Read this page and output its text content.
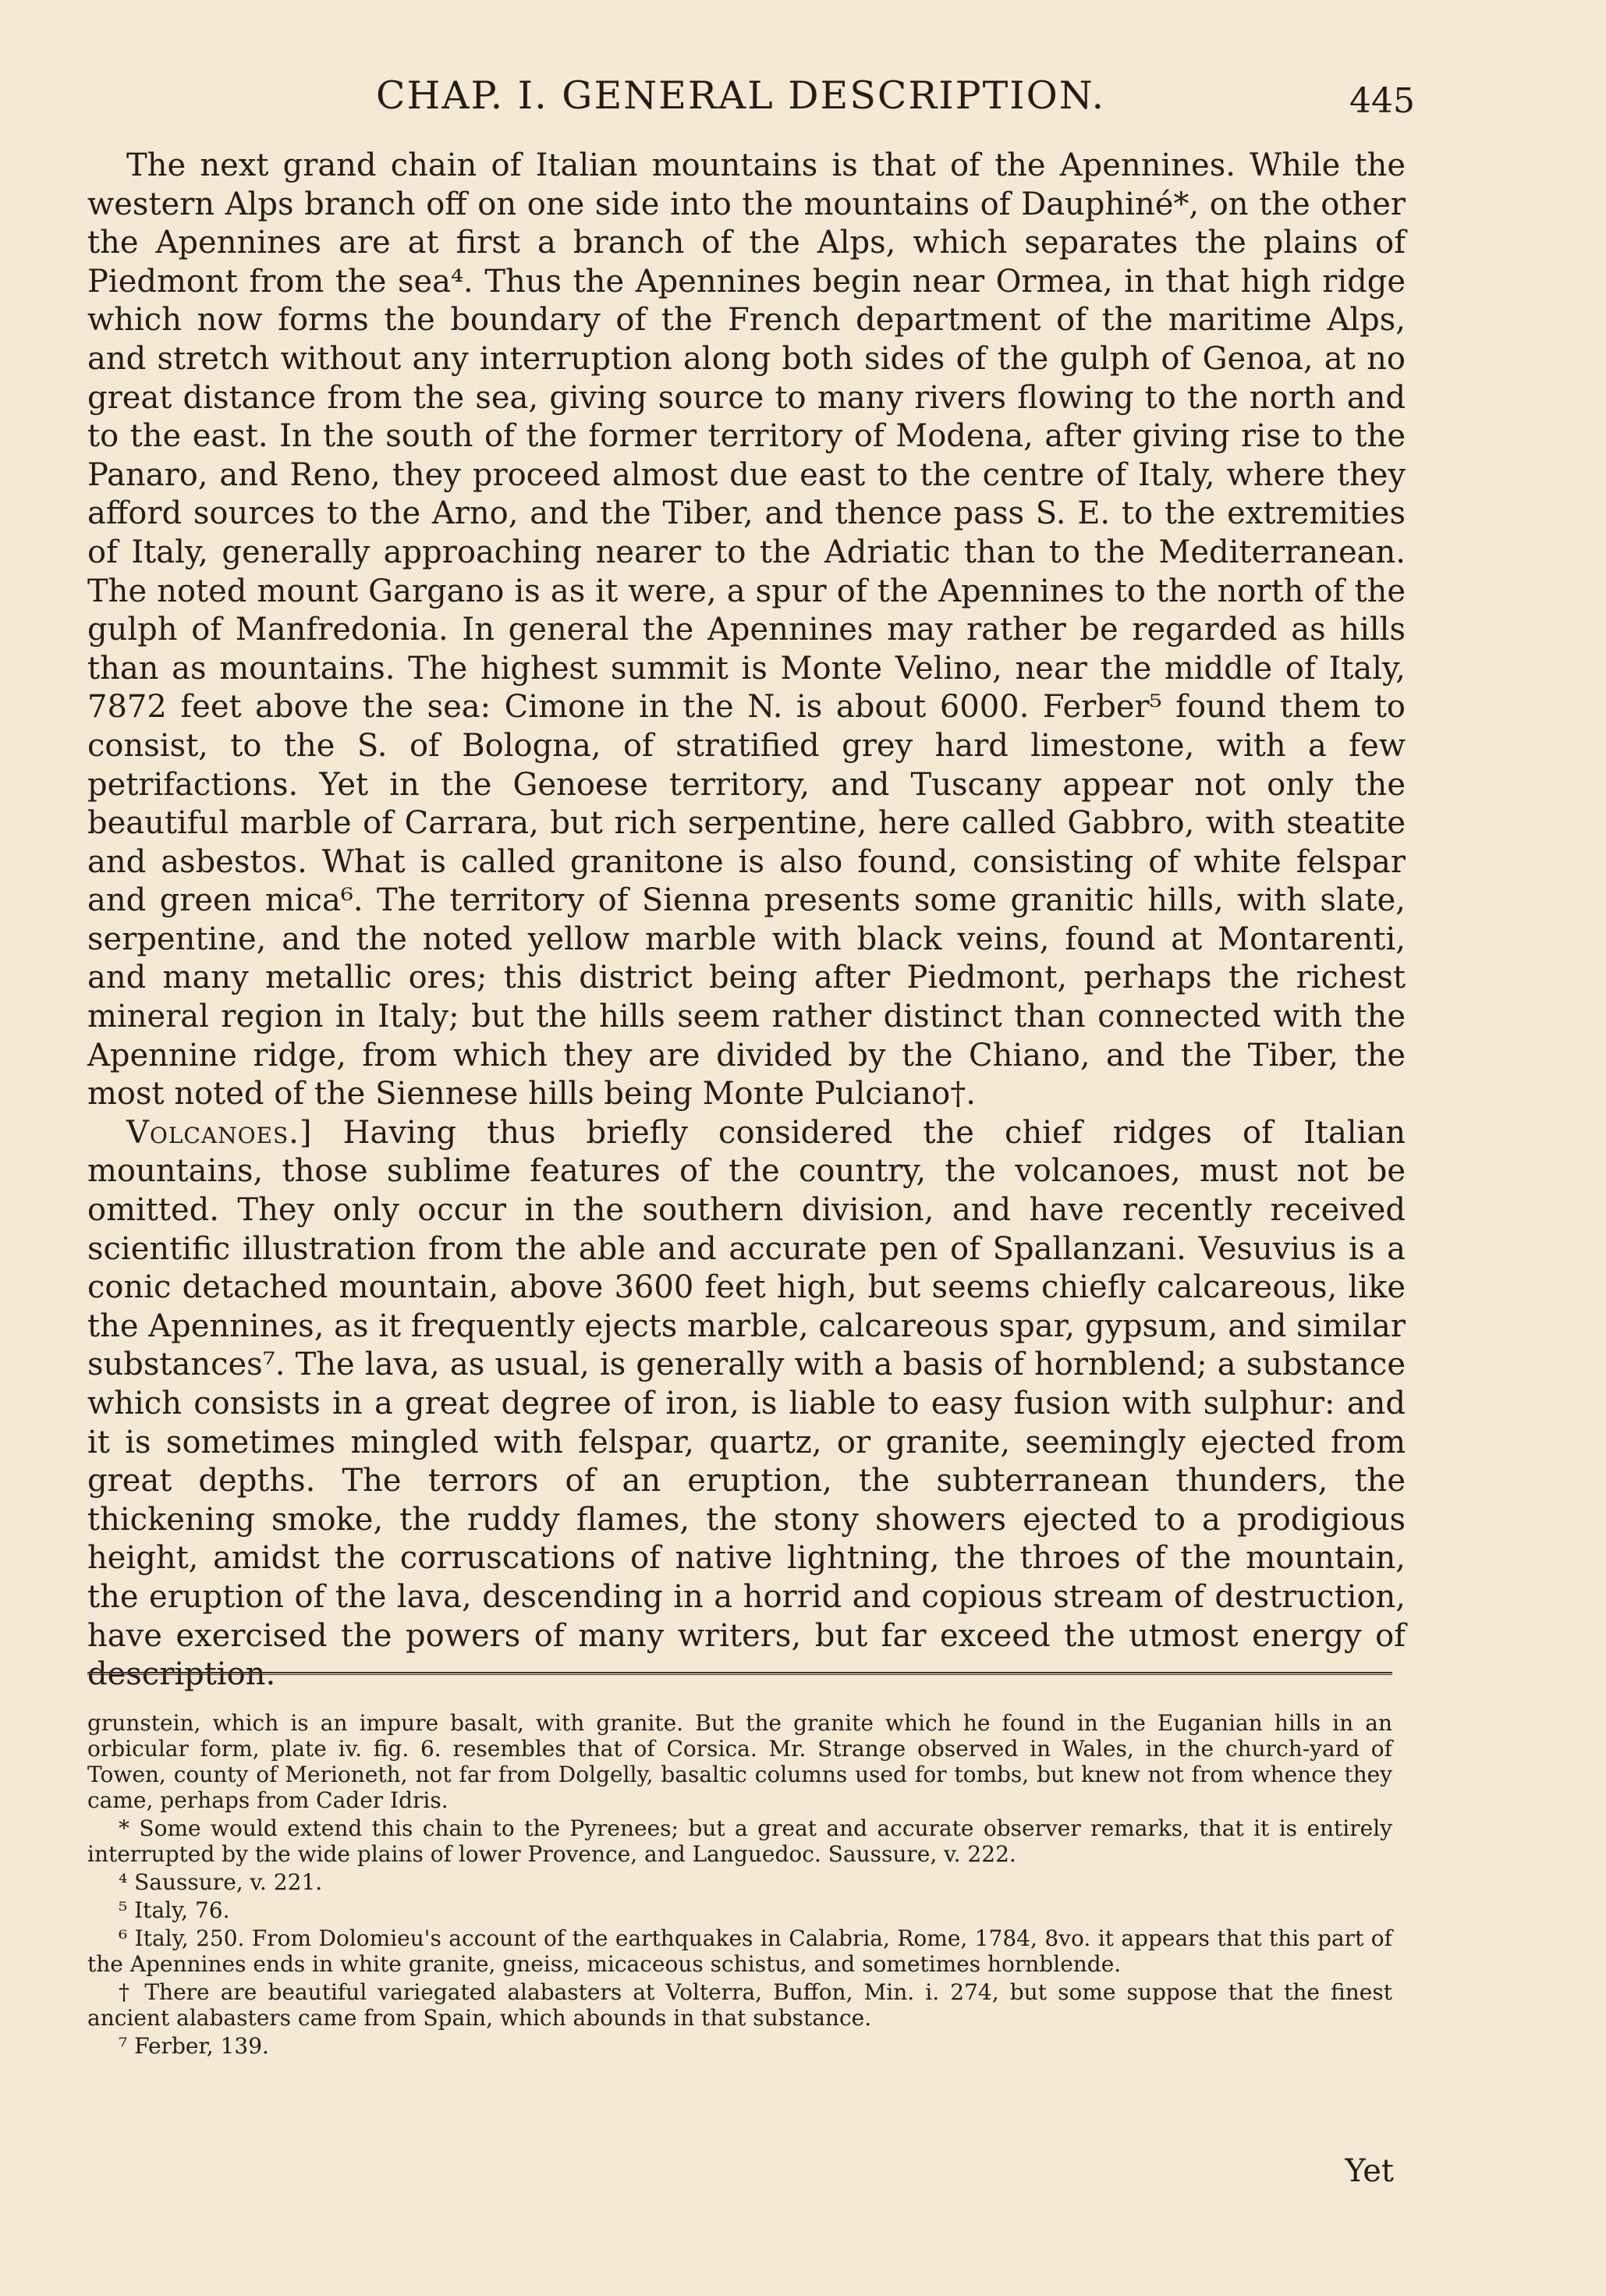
CHAP. I. GENERAL DESCRIPTION.	445

The next grand chain of Italian mountains is that of the Apennines. While the western Alps branch off on one side into the mountains of Dauphiné*, on the other the Apennines are at first a branch of the Alps, which separates the plains of Piedmont from the sea⁴. Thus the Apennines begin near Ormea, in that high ridge which now forms the boundary of the French department of the maritime Alps, and stretch without any interruption along both sides of the gulph of Genoa, at no great distance from the sea, giving source to many rivers flowing to the north and to the east. In the south of the former territory of Modena, after giving rise to the Panaro, and Reno, they proceed almost due east to the centre of Italy, where they afford sources to the Arno, and the Tiber, and thence pass S. E. to the extremities of Italy, generally approaching nearer to the Adriatic than to the Mediterranean. The noted mount Gargano is as it were, a spur of the Apennines to the north of the gulph of Manfredonia. In general the Apennines may rather be regarded as hills than as mountains. The highest summit is Monte Velino, near the middle of Italy, 7872 feet above the sea: Cimone in the N. is about 6000. Ferber⁵ found them to consist, to the S. of Bologna, of stratified grey hard limestone, with a few petrifactions. Yet in the Genoese territory, and Tuscany appear not only the beautiful marble of Carrara, but rich serpentine, here called Gabbro, with steatite and asbestos. What is called granitone is also found, consisting of white felspar and green mica⁶. The territory of Sienna presents some granitic hills, with slate, serpentine, and the noted yellow marble with black veins, found at Montarenti, and many metallic ores; this district being after Piedmont, perhaps the richest mineral region in Italy; but the hills seem rather distinct than connected with the Apennine ridge, from which they are divided by the Chiano, and the Tiber, the most noted of the Siennese hills being Monte Pulciano†.

Volcanoes.] Having thus briefly considered the chief ridges of Italian mountains, those sublime features of the country, the volcanoes, must not be omitted. They only occur in the southern division, and have recently received scientific illustration from the able and accurate pen of Spallanzani. Vesuvius is a conic detached mountain, above 3600 feet high, but seems chiefly calcareous, like the Apennines, as it frequently ejects marble, calcareous spar, gypsum, and similar substances⁷. The lava, as usual, is generally with a basis of hornblend; a substance which consists in a great degree of iron, is liable to easy fusion with sulphur: and it is sometimes mingled with felspar, quartz, or granite, seemingly ejected from great depths. The terrors of an eruption, the subterranean thunders, the thickening smoke, the ruddy flames, the stony showers ejected to a prodigious height, amidst the corruscations of native lightning, the throes of the mountain, the eruption of the lava, descending in a horrid and copious stream of destruction, have exercised the powers of many writers, but far exceed the utmost energy of description.

grunstein, which is an impure basalt, with granite. But the granite which he found in the Euganian hills in an orbicular form, plate iv. fig. 6. resembles that of Corsica. Mr. Strange observed in Wales, in the church-yard of Towen, county of Merioneth, not far from Dolgelly, basaltic columns used for tombs, but knew not from whence they came, perhaps from Cader Idris.

* Some would extend this chain to the Pyrenees; but a great and accurate observer remarks, that it is entirely interrupted by the wide plains of lower Provence, and Languedoc. Saussure, v. 222.

⁴ Saussure, v. 221.

⁵ Italy, 76.

⁶ Italy, 250. From Dolomieu's account of the earthquakes in Calabria, Rome, 1784, 8vo. it appears that this part of the Apennines ends in white granite, gneiss, micaceous schistus, and sometimes hornblende.

† There are beautiful variegated alabasters at Volterra, Buffon, Min. i. 274, but some suppose that the finest ancient alabasters came from Spain, which abounds in that substance.

⁷ Ferber, 139.

Yet
